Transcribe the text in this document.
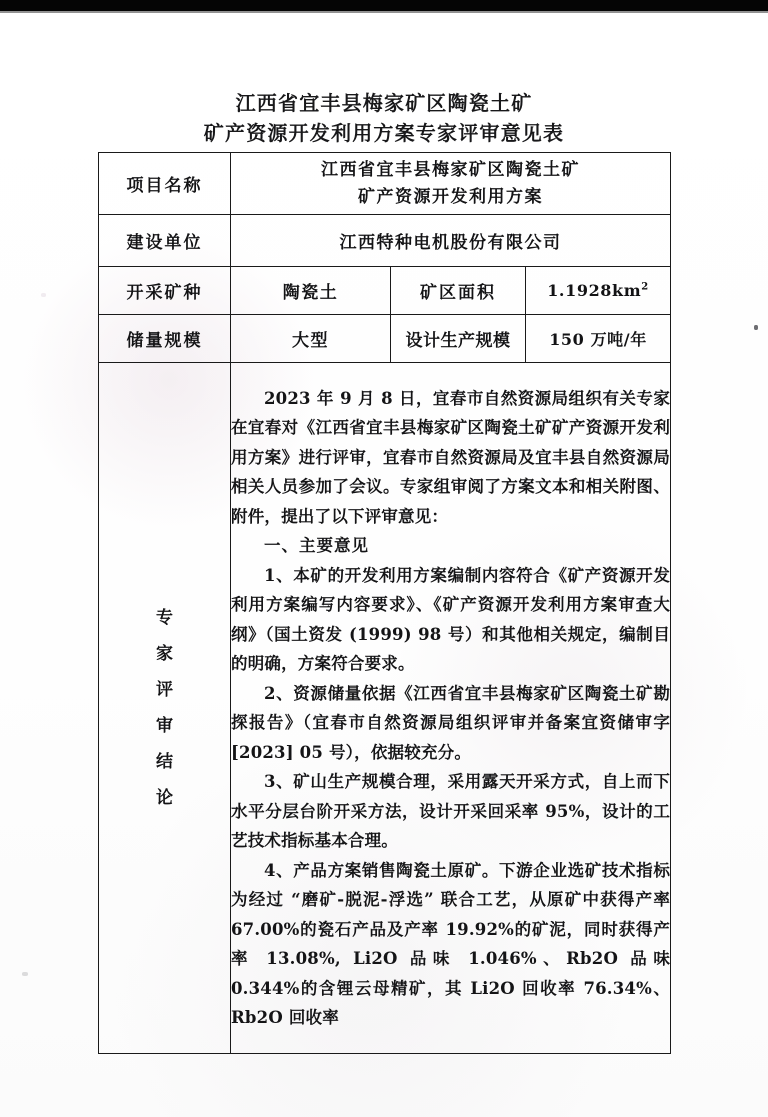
江西省宜丰县梅家矿区陶瓷土矿
矿产资源开发利用方案专家评审意见表
项目名称	江西省宜丰县梅家矿区陶瓷土矿
矿产资源开发利用方案		

建设单位	江西特种电机股份有限公司		
开采矿种	陶瓷土	矿区面积	$1.1928km^2$
储量规模	大型	设计生产规模	150 万吨/年

专
家
评
审
结
论

2023 年 9 月 8 日，宜春市自然资源局组织有关专家在宜春对《江西省宜丰县梅家矿区陶瓷土矿矿产资源开发利用方案》进行评审，宜春市自然资源局及宜丰县自然资源局相关人员参加了会议。专家组审阅了方案文本和相关附图、附件，提出了以下评审意见：

一、主要意见

1、本矿的开发利用方案编制内容符合《矿产资源开发利用方案编写内容要求》、《矿产资源开发利用方案审查大纲》（国土资发 (1999) 98 号）和其他相关规定，编制目的明确，方案符合要求。

2、资源储量依据《江西省宜丰县梅家矿区陶瓷土矿勘探报告》（宜春市自然资源局组织评审并备案宜资储审字 [2023] 05 号），依据较充分。

3、矿山生产规模合理，采用露天开采方式，自上而下水平分层台阶开采方法，设计开采回采率 95%，设计的工艺技术指标基本合理。

4、产品方案销售陶瓷土原矿。下游企业选矿技术指标为经过 “磨矿-脱泥-浮选” 联合工艺，从原矿中获得产率 67.00%的瓷石产品及产率 19.92%的矿泥，同时获得产率 13.08%, Li2O 品味 1.046%、Rb2O 品味 0.344%的含锂云母精矿，其 Li2O 回收率 76.34%、Rb2O 回收率
